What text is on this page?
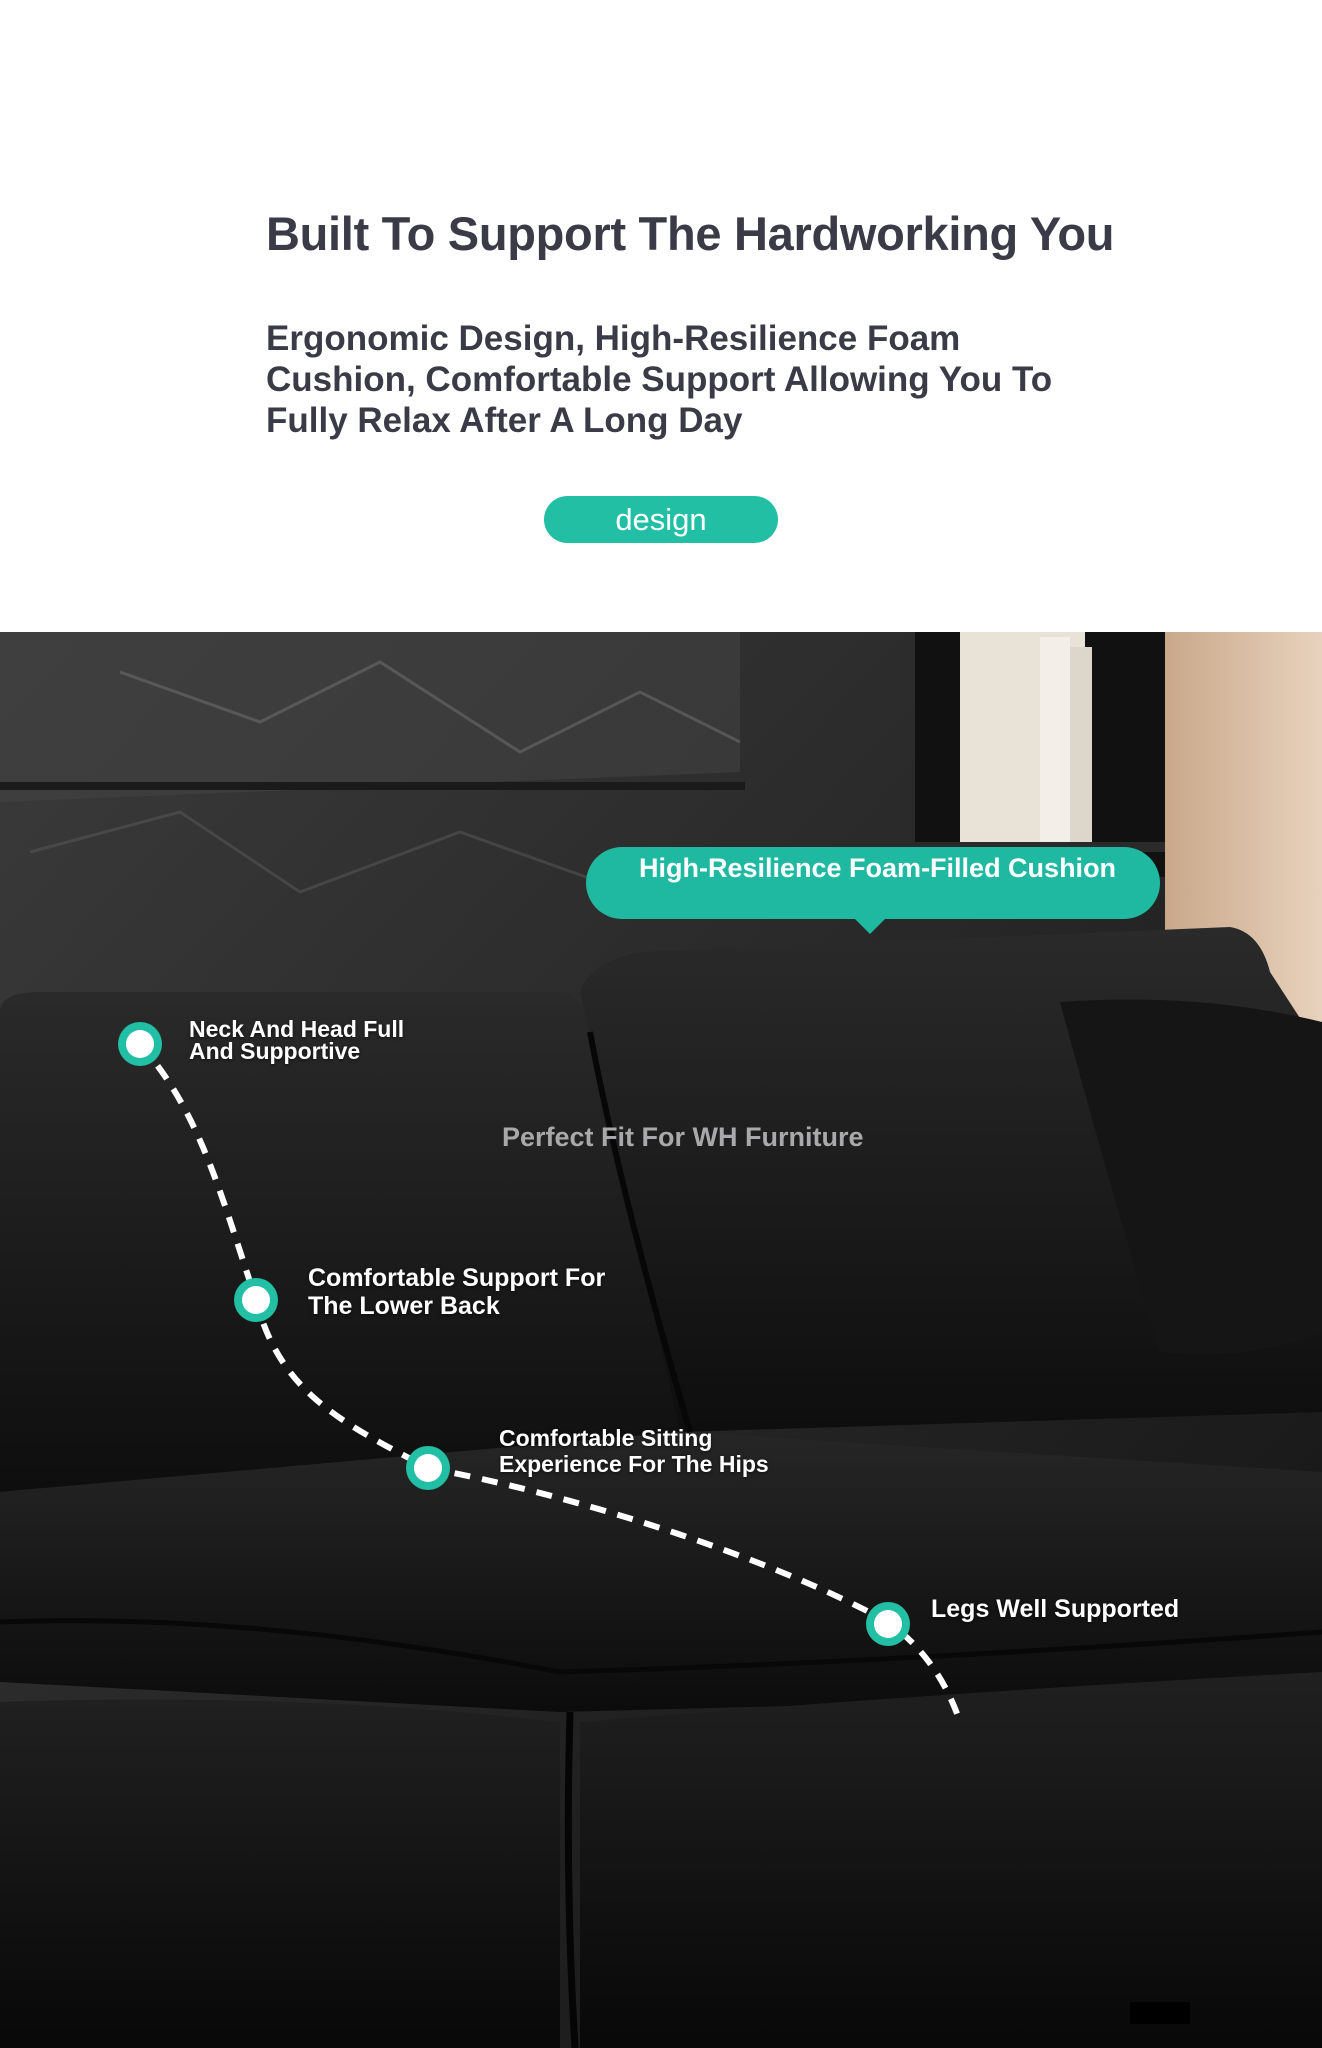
Built To Support The Hardworking You
Ergonomic Design, High-Resilience Foam Cushion, Comfortable Support Allowing You To Fully Relax After A Long Day
design
High-Resilience Foam-Filled Cushion
Perfect Fit For WH Furniture
Neck And Head Full And Supportive
Comfortable Support For The Lower Back
Comfortable Sitting Experience For The Hips
Legs Well Supported
